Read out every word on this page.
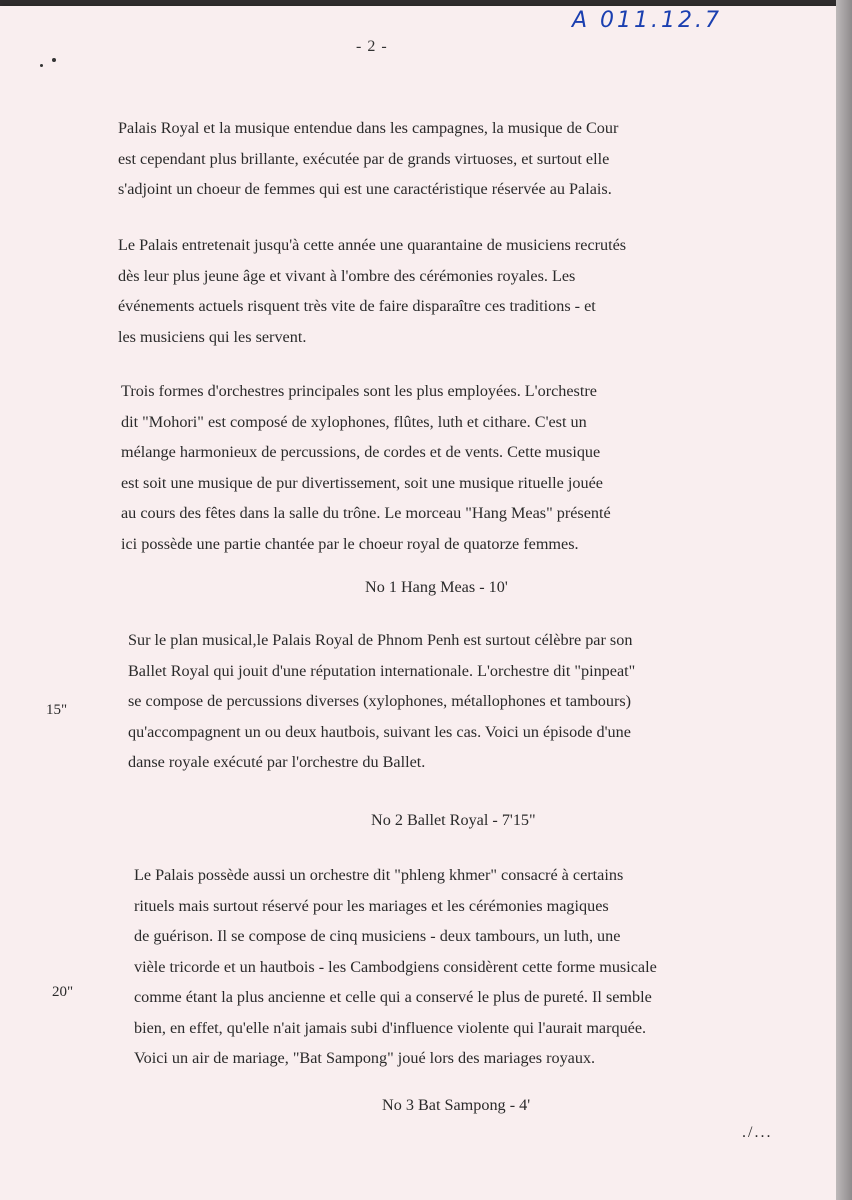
- 2 -
A 011.12.7
Palais Royal et la musique entendue dans les campagnes, la musique de Cour
est cependant plus brillante, exécutée par de grands virtuoses, et surtout elle
s'adjoint un choeur de femmes qui est une caractéristique réservée au Palais.
Le Palais entretenait jusqu'à cette année une quarantaine de musiciens recrutés
dès leur plus jeune âge et vivant à l'ombre des cérémonies royales. Les
événements actuels risquent très vite de faire disparaître ces traditions - et
les musiciens qui les servent.
Trois formes d'orchestres principales sont les plus employées. L'orchestre
dit "Mohori" est composé de xylophones, flûtes, luth et cithare. C'est un
mélange harmonieux de percussions, de cordes et de vents. Cette musique
est soit une musique de pur divertissement, soit une musique rituelle jouée
au cours des fêtes dans la salle du trône. Le morceau "Hang Meas" présenté
ici possède une partie chantée par le choeur royal de quatorze femmes.
No 1 Hang Meas - 10'
Sur le plan musical,le Palais Royal de Phnom Penh est surtout célèbre par son
Ballet Royal qui jouit d'une réputation internationale. L'orchestre dit "pinpeat"
se compose de percussions diverses (xylophones, métallophones et tambours)
qu'accompagnent un ou deux hautbois, suivant les cas. Voici un épisode d'une
danse royale exécuté par l'orchestre du Ballet.
15"
No 2 Ballet Royal - 7'15"
Le Palais possède aussi un orchestre dit "phleng khmer" consacré à certains
rituels mais surtout réservé pour les mariages et les cérémonies magiques
de guérison. Il se compose de cinq musiciens - deux tambours, un luth, une
vièle tricorde et un hautbois - les Cambodgiens considèrent cette forme musicale
comme étant la plus ancienne et celle qui a conservé le plus de pureté. Il semble
bien, en effet, qu'elle n'ait jamais subi d'influence violente qui l'aurait marquée.
Voici un air de mariage, "Bat Sampong" joué lors des mariages royaux.
20"
No 3 Bat Sampong - 4'
./...
